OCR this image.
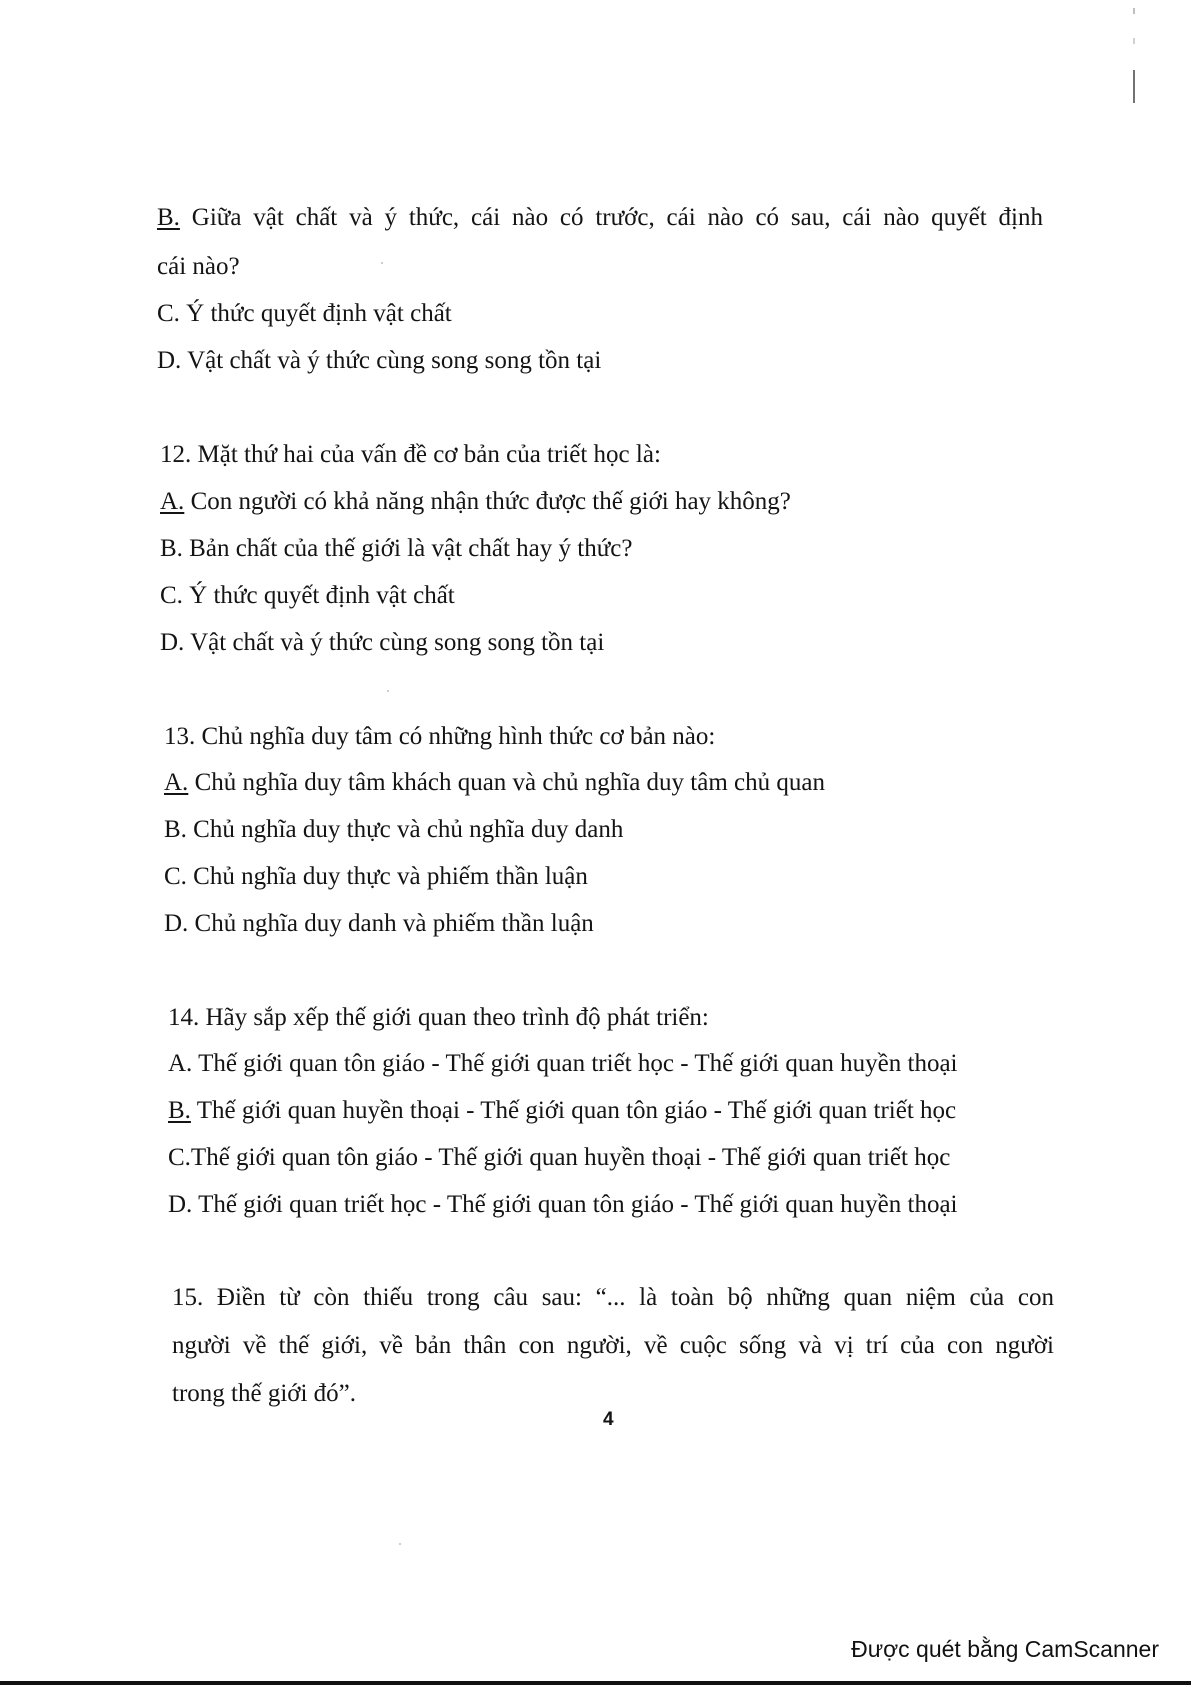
B. Giữa vật chất và ý thức, cái nào có trước, cái nào có sau, cái nào quyết định
cái nào?
C. Ý thức quyết định vật chất
D. Vật chất và ý thức cùng song song tồn tại
12. Mặt thứ hai của vấn đề cơ bản của triết học là:
A. Con người có khả năng nhận thức được thế giới hay không?
B. Bản chất của thế giới là vật chất hay ý thức?
C. Ý thức quyết định vật chất
D. Vật chất và ý thức cùng song song tồn tại
13. Chủ nghĩa duy tâm có những hình thức cơ bản nào:
A. Chủ nghĩa duy tâm khách quan và chủ nghĩa duy tâm chủ quan
B. Chủ nghĩa duy thực và chủ nghĩa duy danh
C. Chủ nghĩa duy thực và phiếm thần luận
D. Chủ nghĩa duy danh và phiếm thần luận
14. Hãy sắp xếp thế giới quan theo trình độ phát triển:
A. Thế giới quan tôn giáo - Thế giới quan triết học - Thế giới quan huyền thoại
B. Thế giới quan huyền thoại - Thế giới quan tôn giáo - Thế giới quan triết học
C.Thế giới quan tôn giáo - Thế giới quan huyền thoại - Thế giới quan triết học
D. Thế giới quan triết học - Thế giới quan tôn giáo - Thế giới quan huyền thoại
15. Điền từ còn thiếu trong câu sau: “... là toàn bộ những quan niệm của con
người về thế giới, về bản thân con người, về cuộc sống và vị trí của con người
trong thế giới đó”.
4
Được quét bằng CamScanner
